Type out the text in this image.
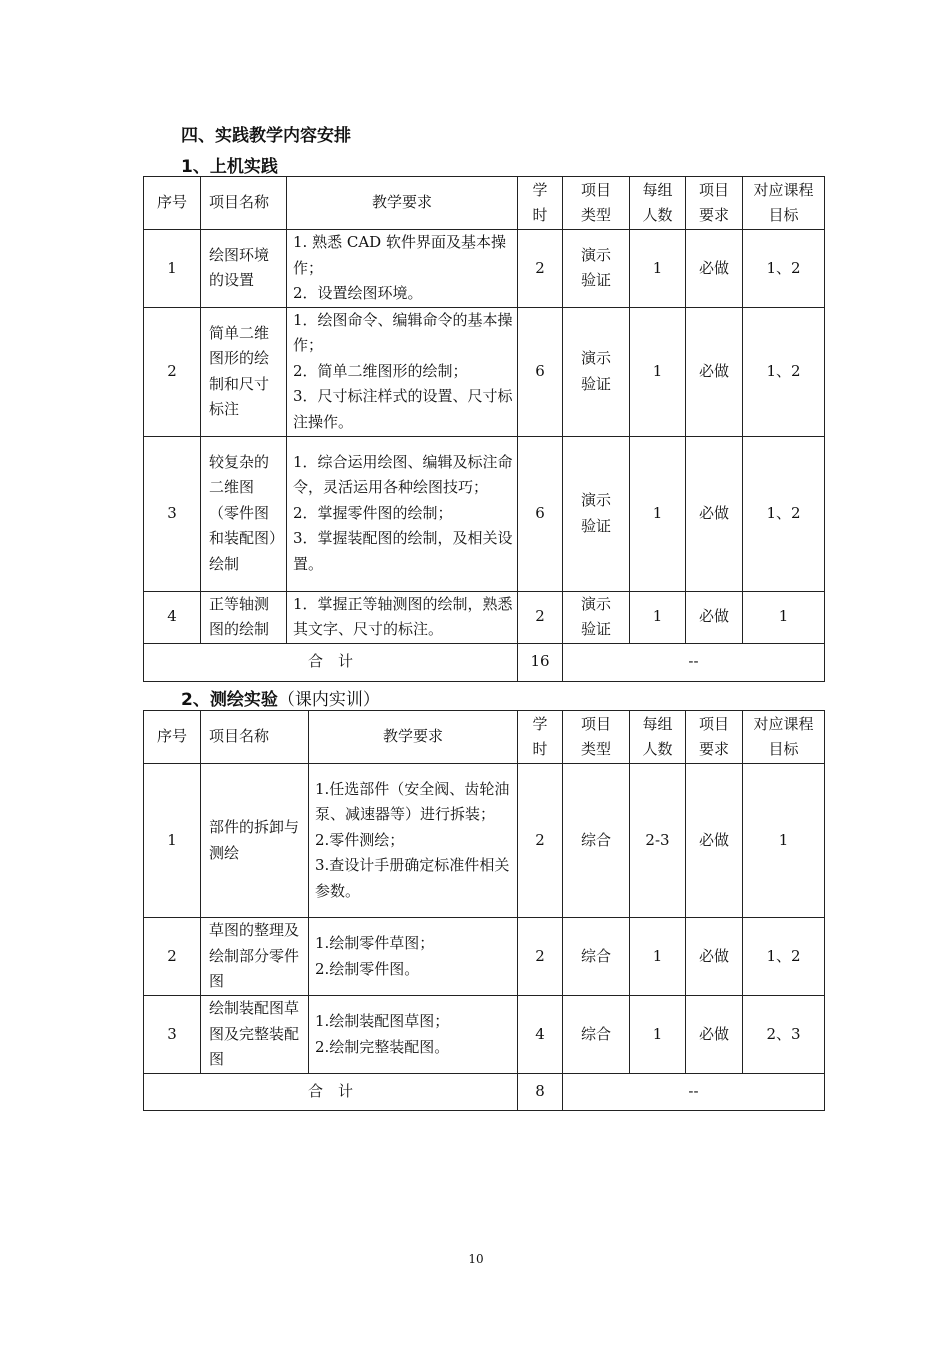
四、实践教学内容安排
1、上机实践
序号	项目名称	教学要求	学时	项目类型	每组人数	项目要求	对应课程目标
1	绘图环境的设置	1. 熟悉 CAD 软件界面及基本操作；
2．设置绘图环境。	2	演示验证	1	必做	1、2
2	简单二维图形的绘制和尺寸标注	1．绘图命令、编辑命令的基本操作；
2．简单二维图形的绘制；
3．尺寸标注样式的设置、尺寸标注操作。	6	演示验证	1	必做	1、2
3	较复杂的二维图（零件图和装配图）绘制	1．综合运用绘图、编辑及标注命令，灵活运用各种绘图技巧；
2．掌握零件图的绘制；
3．掌握装配图的绘制，及相关设置。	6	演示验证	1	必做	1、2
4	正等轴测图的绘制	1．掌握正等轴测图的绘制，熟悉其文字、尺寸的标注。	2	演示验证	1	必做	1
合　计			16	--			
2、测绘实验（课内实训）
序号	项目名称	教学要求	学时	项目类型	每组人数	项目要求	对应课程目标
1	部件的拆卸与测绘	1.任选部件（安全阀、齿轮油泵、减速器等）进行拆装；
2.零件测绘；
3.查设计手册确定标准件相关参数。	2	综合	2-3	必做	1
2	草图的整理及绘制部分零件图	1.绘制零件草图；
2.绘制零件图。	2	综合	1	必做	1、2
3	绘制装配图草图及完整装配图	1.绘制装配图草图；
2.绘制完整装配图。	4	综合	1	必做	2、3
合　计			8	--			
10
